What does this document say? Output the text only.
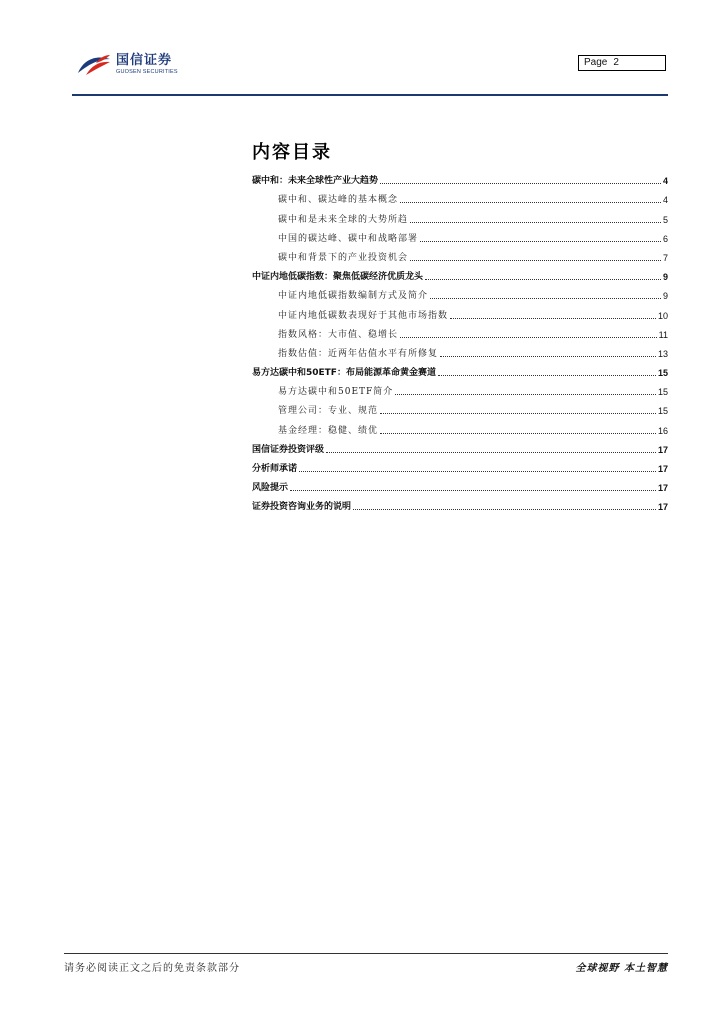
国信证券
GUOSEN SECURITIES
Page 2
内容目录
碳中和：未来全球性产业大趋势	4
碳中和、碳达峰的基本概念	4
碳中和是未来全球的大势所趋	5
中国的碳达峰、碳中和战略部署	6
碳中和背景下的产业投资机会	7
中证内地低碳指数：聚焦低碳经济优质龙头	9
中证内地低碳指数编制方式及简介	9
中证内地低碳数表现好于其他市场指数	10
指数风格：大市值、稳增长	11
指数估值：近两年估值水平有所修复	13
易方达碳中和50ETF：布局能源革命黄金赛道	15
易方达碳中和50ETF简介	15
管理公司：专业、规范	15
基金经理：稳健、绩优	16
国信证券投资评级	17
分析师承诺	17
风险提示	17
证券投资咨询业务的说明	17
请务必阅读正文之后的免责条款部分	全球视野 本土智慧
